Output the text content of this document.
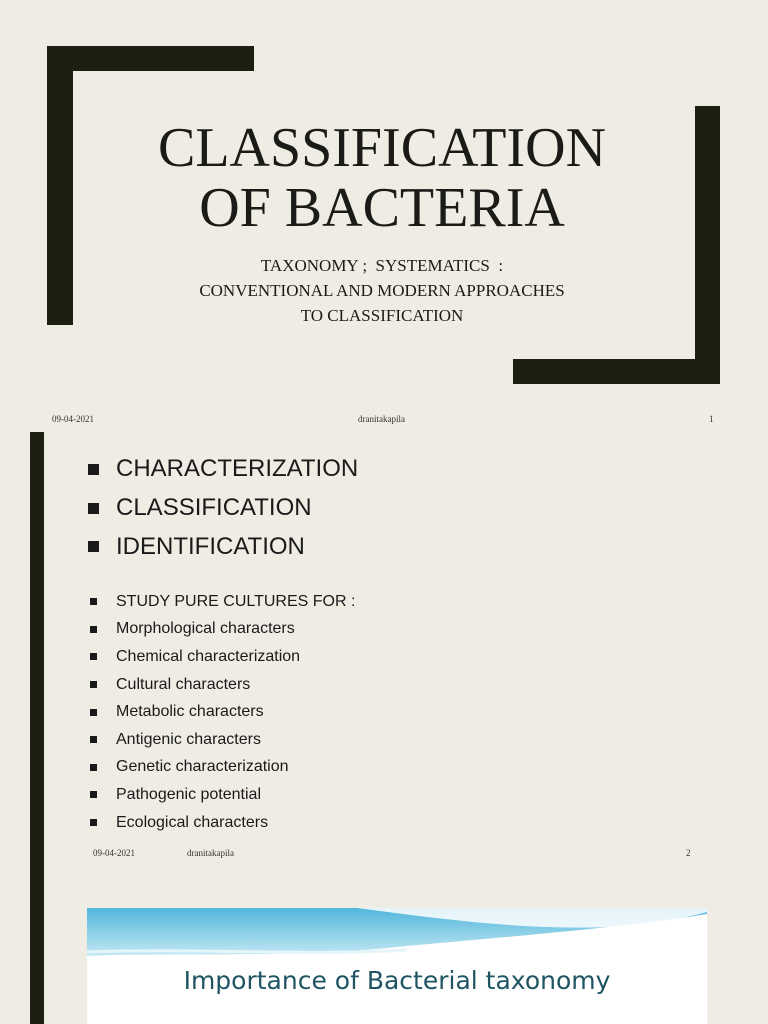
CLASSIFICATION
OF BACTERIA
TAXONOMY ;  SYSTEMATICS  :
CONVENTIONAL AND MODERN APPROACHES
TO CLASSIFICATION
09-04-2021	dranitakapila	1
CHARACTERIZATION
CLASSIFICATION
IDENTIFICATION
STUDY PURE CULTURES FOR :
Morphological characters
Chemical characterization
Cultural characters
Metabolic characters
Antigenic characters
Genetic characterization
Pathogenic potential
Ecological characters
09-04-2021	dranitakapila	2
Importance of Bacterial taxonomy
